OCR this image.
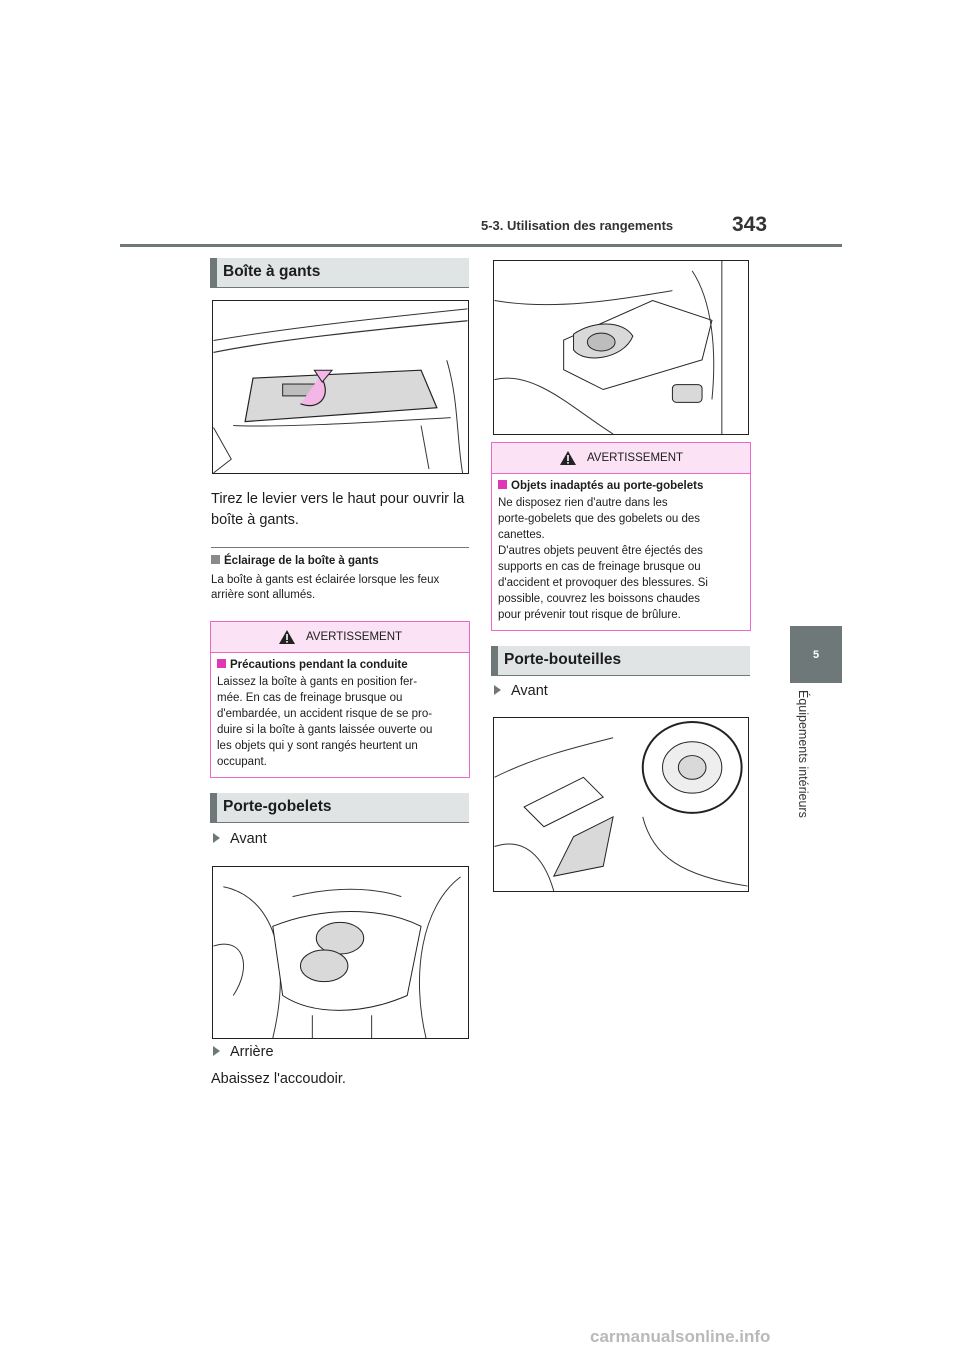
5-3. Utilisation des rangements	343
5
Équipements intérieurs
Boîte à gants
Tirez le levier vers le haut pour ouvrir la boîte à gants.
Éclairage de la boîte à gants
La boîte à gants est éclairée lorsque les feux arrière sont allumés.
AVERTISSEMENT
Précautions pendant la conduite
Laissez la boîte à gants en position fer-
mée. En cas de freinage brusque ou
d'embardée, un accident risque de se pro-
duire si la boîte à gants laissée ouverte ou
les objets qui y sont rangés heurtent un
occupant.
Porte-gobelets
Avant
Arrière
Abaissez l'accoudoir.
AVERTISSEMENT
Objets inadaptés au porte-gobelets
Ne disposez rien d'autre dans les
porte-gobelets que des gobelets ou des
canettes.
D'autres objets peuvent être éjectés des
supports en cas de freinage brusque ou
d'accident et provoquer des blessures. Si
possible, couvrez les boissons chaudes
pour prévenir tout risque de brûlure.
Porte-bouteilles
Avant
carmanualsonline.info
